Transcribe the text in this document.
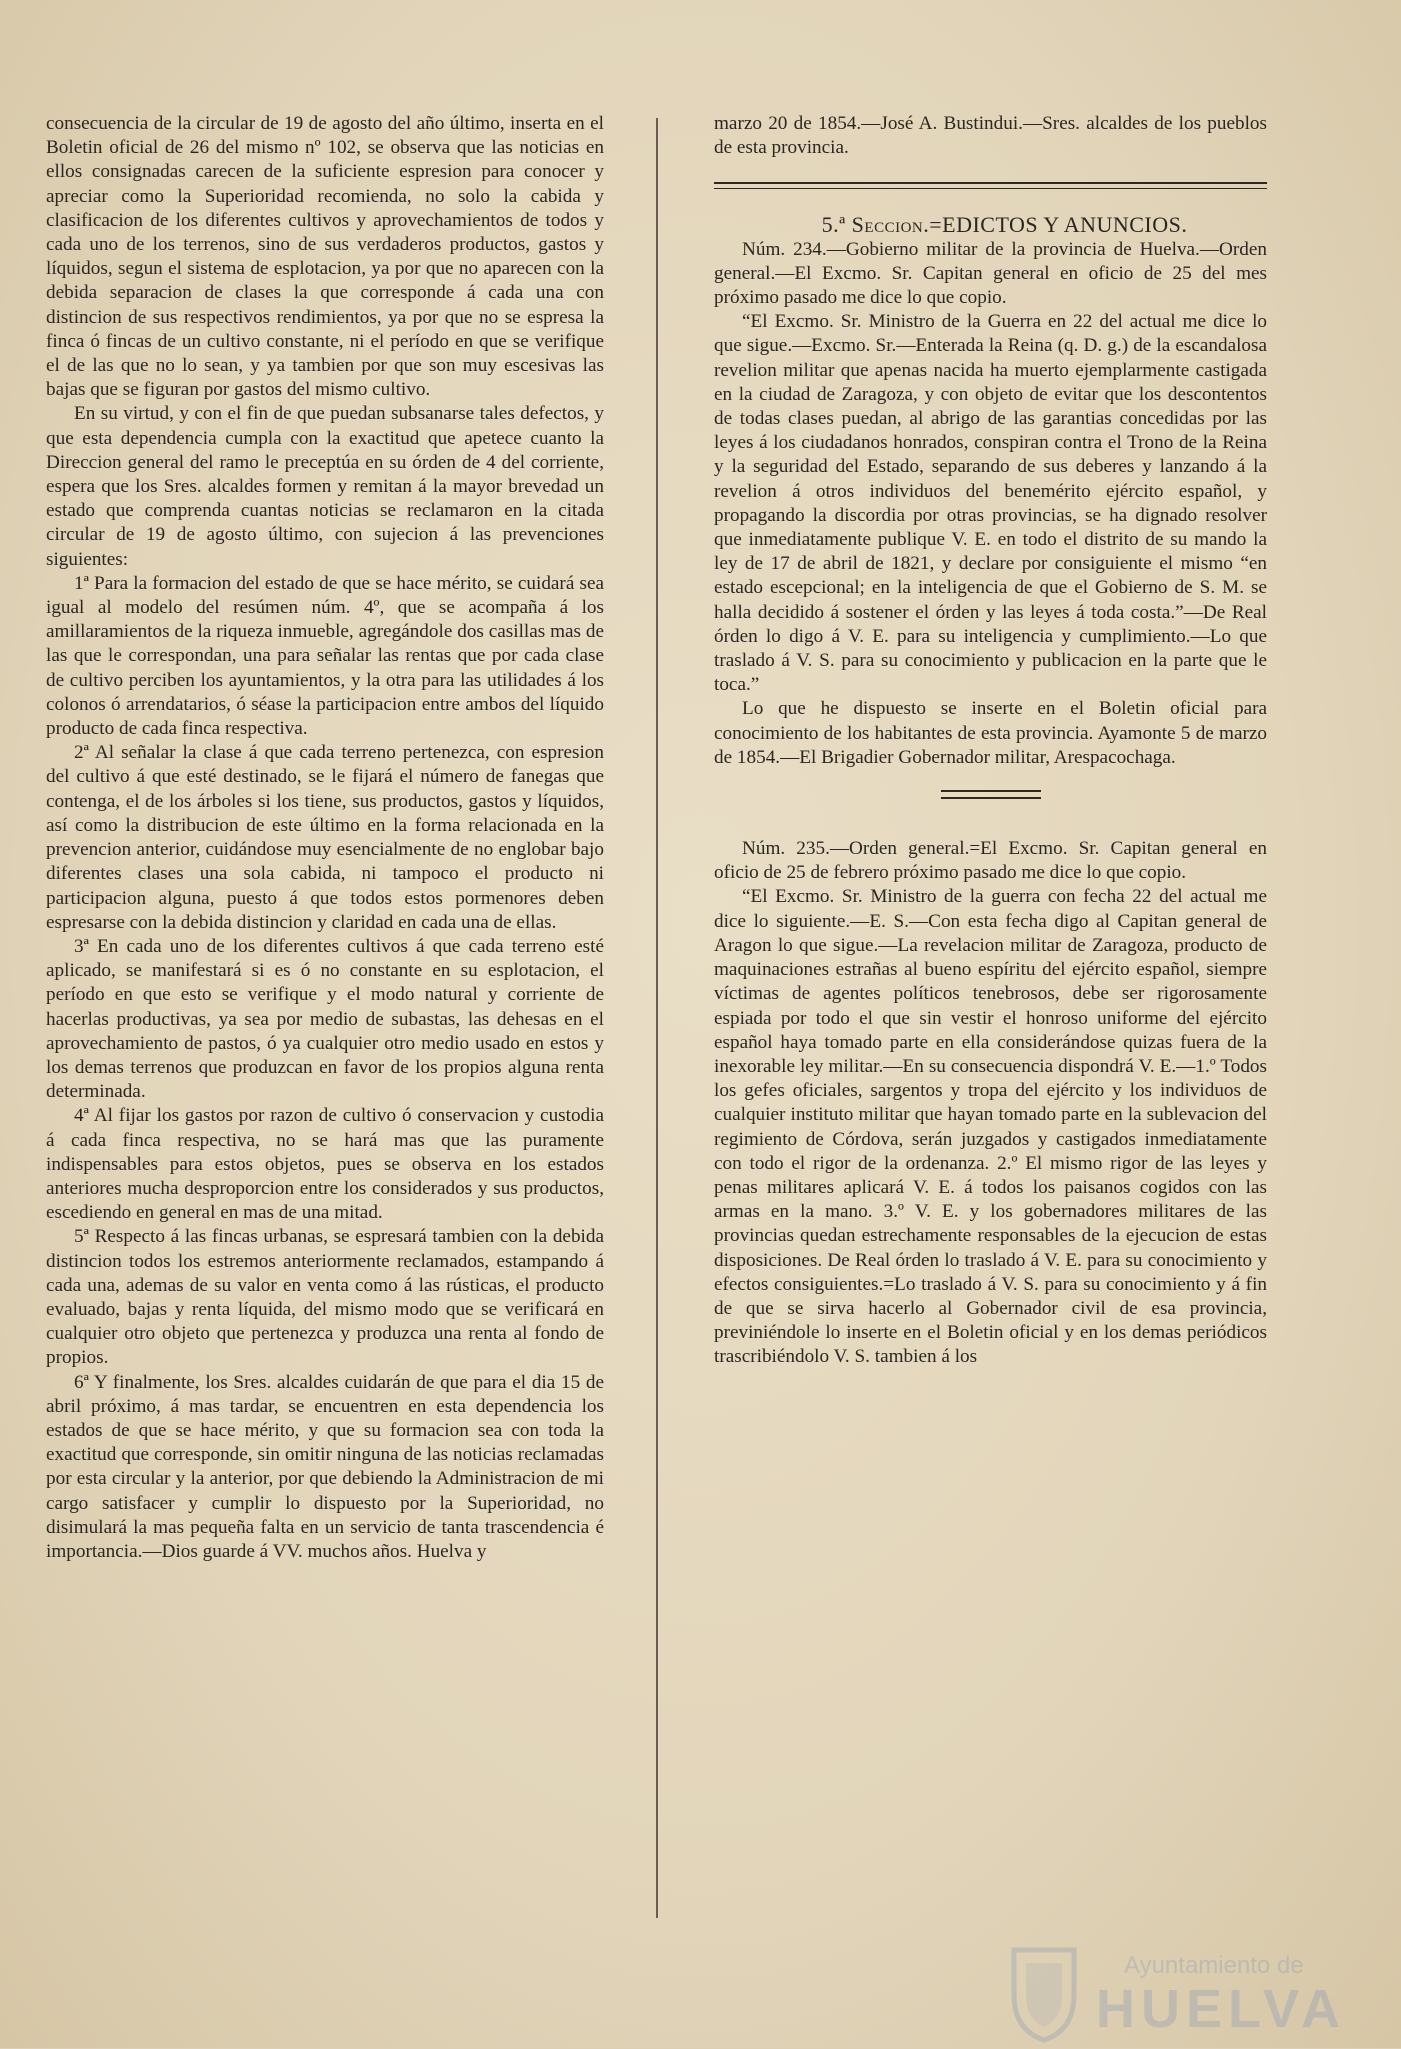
consecuencia de la circular de 19 de agosto del año último, inserta en el Boletin oficial de 26 del mismo nº 102, se observa que las noticias en ellos consignadas carecen de la suficiente espresion para conocer y apreciar como la Superioridad recomienda, no solo la cabida y clasificacion de los diferentes cultivos y aprovechamientos de todos y cada uno de los terrenos, sino de sus verdaderos productos, gastos y líquidos, segun el sistema de esplotacion, ya por que no aparecen con la debida separacion de clases la que corresponde á cada una con distincion de sus respectivos rendimientos, ya por que no se espresa la finca ó fincas de un cultivo constante, ni el período en que se verifique el de las que no lo sean, y ya tambien por que son muy escesivas las bajas que se figuran por gastos del mismo cultivo.

En su virtud, y con el fin de que puedan subsanarse tales defectos, y que esta dependencia cumpla con la exactitud que apetece cuanto la Direccion general del ramo le preceptúa en su órden de 4 del corriente, espera que los Sres. alcaldes formen y remitan á la mayor brevedad un estado que comprenda cuantas noticias se reclamaron en la citada circular de 19 de agosto último, con sujecion á las prevenciones siguientes:

1ª Para la formacion del estado de que se hace mérito, se cuidará sea igual al modelo del resúmen núm. 4º, que se acompaña á los amillaramientos de la riqueza inmueble, agregándole dos casillas mas de las que le correspondan, una para señalar las rentas que por cada clase de cultivo perciben los ayuntamientos, y la otra para las utilidades á los colonos ó arrendatarios, ó séase la participacion entre ambos del líquido producto de cada finca respectiva.

2ª Al señalar la clase á que cada terreno pertenezca, con espresion del cultivo á que esté destinado, se le fijará el número de fanegas que contenga, el de los árboles si los tiene, sus productos, gastos y líquidos, así como la distribucion de este último en la forma relacionada en la prevencion anterior, cuidándose muy esencialmente de no englobar bajo diferentes clases una sola cabida, ni tampoco el producto ni participacion alguna, puesto á que todos estos pormenores deben espresarse con la debida distincion y claridad en cada una de ellas.

3ª En cada uno de los diferentes cultivos á que cada terreno esté aplicado, se manifestará si es ó no constante en su esplotacion, el período en que esto se verifique y el modo natural y corriente de hacerlas productivas, ya sea por medio de subastas, las dehesas en el aprovechamiento de pastos, ó ya cualquier otro medio usado en estos y los demas terrenos que produzcan en favor de los propios alguna renta determinada.

4ª Al fijar los gastos por razon de cultivo ó conservacion y custodia á cada finca respectiva, no se hará mas que las puramente indispensables para estos objetos, pues se observa en los estados anteriores mucha desproporcion entre los considerados y sus productos, escediendo en general en mas de una mitad.

5ª Respecto á las fincas urbanas, se espresará tambien con la debida distincion todos los estremos anteriormente reclamados, estampando á cada una, ademas de su valor en venta como á las rústicas, el producto evaluado, bajas y renta líquida, del mismo modo que se verificará en cualquier otro objeto que pertenezca y produzca una renta al fondo de propios.

6ª Y finalmente, los Sres. alcaldes cuidarán de que para el dia 15 de abril próximo, á mas tardar, se encuentren en esta dependencia los estados de que se hace mérito, y que su formacion sea con toda la exactitud que corresponde, sin omitir ninguna de las noticias reclamadas por esta circular y la anterior, por que debiendo la Administracion de mi cargo satisfacer y cumplir lo dispuesto por la Superioridad, no disimulará la mas pequeña falta en un servicio de tanta trascendencia é importancia.—Dios guarde á VV. muchos años. Huelva y

marzo 20 de 1854.—José A. Bustindui.—Sres. alcaldes de los pueblos de esta provincia.

5.ª Seccion.=EDICTOS Y ANUNCIOS.

Núm. 234.—Gobierno militar de la provincia de Huelva.—Orden general.—El Excmo. Sr. Capitan general en oficio de 25 del mes próximo pasado me dice lo que copio.

“El Excmo. Sr. Ministro de la Guerra en 22 del actual me dice lo que sigue.—Excmo. Sr.—Enterada la Reina (q. D. g.) de la escandalosa revelion militar que apenas nacida ha muerto ejemplarmente castigada en la ciudad de Zaragoza, y con objeto de evitar que los descontentos de todas clases puedan, al abrigo de las garantias concedidas por las leyes á los ciudadanos honrados, conspiran contra el Trono de la Reina y la seguridad del Estado, separando de sus deberes y lanzando á la revelion á otros individuos del benemérito ejército español, y propagando la discordia por otras provincias, se ha dignado resolver que inmediatamente publique V. E. en todo el distrito de su mando la ley de 17 de abril de 1821, y declare por consiguiente el mismo “en estado escepcional; en la inteligencia de que el Gobierno de S. M. se halla decidido á sostener el órden y las leyes á toda costa.”—De Real órden lo digo á V. E. para su inteligencia y cumplimiento.—Lo que traslado á V. S. para su conocimiento y publicacion en la parte que le toca.”

Lo que he dispuesto se inserte en el Boletin oficial para conocimiento de los habitantes de esta provincia. Ayamonte 5 de marzo de 1854.—El Brigadier Gobernador militar, Arespacochaga.

Núm. 235.—Orden general.=El Excmo. Sr. Capitan general en oficio de 25 de febrero próximo pasado me dice lo que copio.

“El Excmo. Sr. Ministro de la guerra con fecha 22 del actual me dice lo siguiente.—E. S.—Con esta fecha digo al Capitan general de Aragon lo que sigue.—La revelacion militar de Zaragoza, producto de maquinaciones estrañas al bueno espíritu del ejército español, siempre víctimas de agentes políticos tenebrosos, debe ser rigorosamente espiada por todo el que sin vestir el honroso uniforme del ejército español haya tomado parte en ella considerándose quizas fuera de la inexorable ley militar.—En su consecuencia dispondrá V. E.—1.º Todos los gefes oficiales, sargentos y tropa del ejército y los individuos de cualquier instituto militar que hayan tomado parte en la sublevacion del regimiento de Córdova, serán juzgados y castigados inmediatamente con todo el rigor de la ordenanza. 2.º El mismo rigor de las leyes y penas militares aplicará V. E. á todos los paisanos cogidos con las armas en la mano. 3.º V. E. y los gobernadores militares de las provincias quedan estrechamente responsables de la ejecucion de estas disposiciones. De Real órden lo traslado á V. E. para su conocimiento y efectos consiguientes.=Lo traslado á V. S. para su conocimiento y á fin de que se sirva hacerlo al Gobernador civil de esa provincia, previniéndole lo inserte en el Boletin oficial y en los demas periódicos trascribiéndolo V. S. tambien á los

Ayuntamiento de
HUELVA
